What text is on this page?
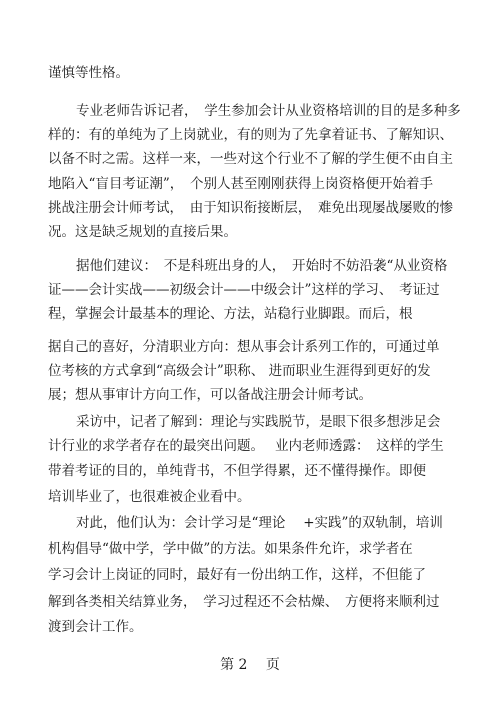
谨慎等性格。
专业老师告诉记者，　学生参加会计从业资格培训的目的是多种多
样的：有的单纯为了上岗就业，有的则为了先拿着证书、了解知识、
以备不时之需。这样一来，一些对这个行业不了解的学生便不由自主
地陷入“盲目考证潮”，　个别人甚至刚刚获得上岗资格便开始着手
挑战注册会计师考试，　由于知识衔接断层，　难免出现屡战屡败的惨
况。这是缺乏规划的直接后果。
据他们建议：　不是科班出身的人，　开始时不妨沿袭“从业资格
证——会计实战——初级会计——中级会计”这样的学习、　考证过
程，掌握会计最基本的理论、方法，站稳行业脚跟。而后，根
据自己的喜好，分清职业方向：想从事会计系列工作的，可通过单
位考核的方式拿到“高级会计”职称、 进而职业生涯得到更好的发
展；想从事审计方向工作，可以备战注册会计师考试。
采访中，记者了解到：理论与实践脱节，是眼下很多想涉足会
计行业的求学者存在的最突出问题。　 业内老师透露：　这样的学生
带着考证的目的，单纯背书，不但学得累，还不懂得操作。即便
培训毕业了，也很难被企业看中。
对此，他们认为：会计学习是“理论　 +实践”的双轨制，培训
机构倡导“做中学，学中做”的方法。如果条件允许，求学者在
学习会计上岗证的同时，最好有一份出纳工作，这样，不但能了
解到各类相关结算业务，　学习过程还不会枯燥、　方便将来顺利过
渡到会计工作。
第 2　 页
